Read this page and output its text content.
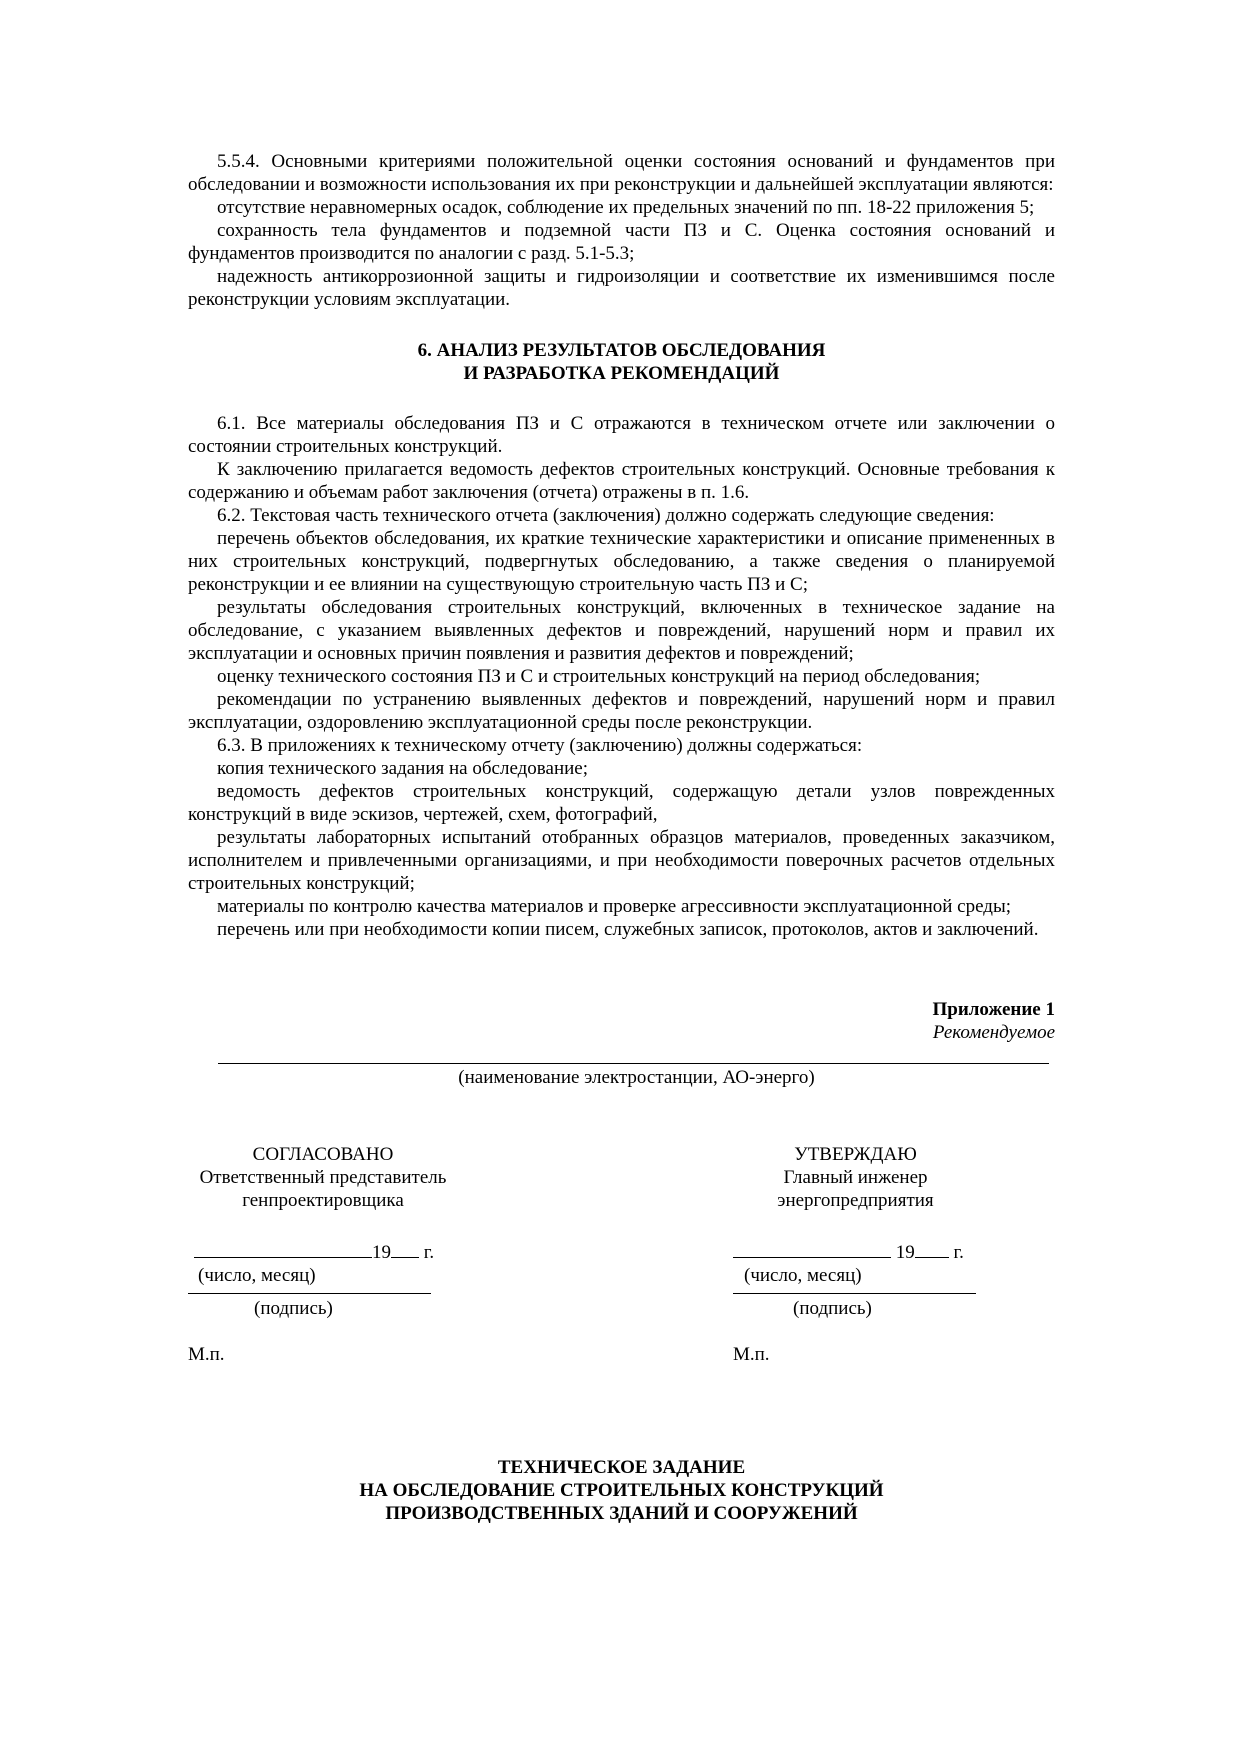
5.5.4. Основными критериями положительной оценки состояния оснований и фундаментов при обследовании и возможности использования их при реконструкции и дальнейшей эксплуатации являются:

отсутствие неравномерных осадок, соблюдение их предельных значений по пп. 18-22 приложения 5;

сохранность тела фундаментов и подземной части ПЗ и С. Оценка состояния оснований и фундаментов производится по аналогии с разд. 5.1-5.3;

надежность антикоррозионной защиты и гидроизоляции и соответствие их изменившимся после реконструкции условиям эксплуатации.

6. АНАЛИЗ РЕЗУЛЬТАТОВ ОБСЛЕДОВАНИЯ
И РАЗРАБОТКА РЕКОМЕНДАЦИЙ

6.1. Все материалы обследования ПЗ и С отражаются в техническом отчете или заключении о состоянии строительных конструкций.

К заключению прилагается ведомость дефектов строительных конструкций. Основные требования к содержанию и объемам работ заключения (отчета) отражены в п. 1.6.

6.2. Текстовая часть технического отчета (заключения) должно содержать следующие сведения:

перечень объектов обследования, их краткие технические характеристики и описание примененных в них строительных конструкций, подвергнутых обследованию, а также сведения о планируемой реконструкции и ее влиянии на существующую строительную часть ПЗ и С;

результаты обследования строительных конструкций, включенных в техническое задание на обследование, с указанием выявленных дефектов и повреждений, нарушений норм и правил их эксплуатации и основных причин появления и развития дефектов и повреждений;

оценку технического состояния ПЗ и С и строительных конструкций на период обследования;

рекомендации по устранению выявленных дефектов и повреждений, нарушений норм и правил эксплуатации, оздоровлению эксплуатационной среды после реконструкции.

6.3. В приложениях к техническому отчету (заключению) должны содержаться:

копия технического задания на обследование;

ведомость дефектов строительных конструкций, содержащую детали узлов поврежденных конструкций в виде эскизов, чертежей, схем, фотографий,

результаты лабораторных испытаний отобранных образцов материалов, проведенных заказчиком, исполнителем и привлеченными организациями, и при необходимости поверочных расчетов отдельных строительных конструкций;

материалы по контролю качества материалов и проверке агрессивности эксплуатационной среды;

перечень или при необходимости копии писем, служебных записок, протоколов, актов и заключений.

Приложение 1
Рекомендуемое
(наименование электростанции, АО-энерго)
СОГЛАСОВАНО
Ответственный представитель
генпроектировщика
19 г.
(число, месяц)
(подпись)
М.п.
УТВЕРЖДАЮ
Главный инженер
энергопредприятия
19 г.
(число, месяц)
(подпись)
М.п.
ТЕХНИЧЕСКОЕ ЗАДАНИЕ
НА ОБСЛЕДОВАНИЕ СТРОИТЕЛЬНЫХ КОНСТРУКЦИЙ
ПРОИЗВОДСТВЕННЫХ ЗДАНИЙ И СООРУЖЕНИЙ
